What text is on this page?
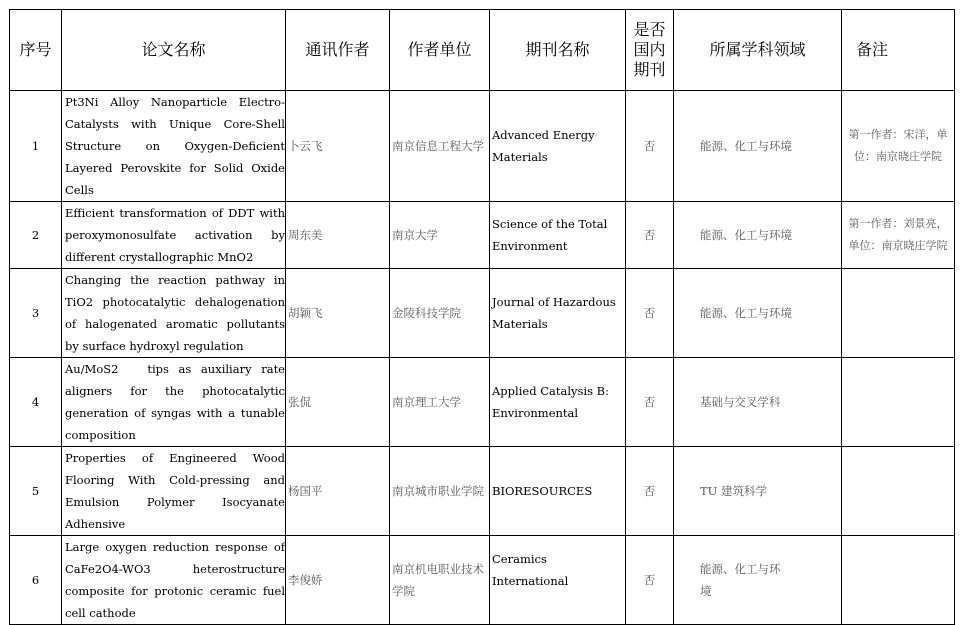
序号	论文名称	通讯作者	作者单位	期刊名称	是否国内期刊	所属学科领域	备注
1	Pt3Ni Alloy Nanoparticle Electro-Catalysts with Unique Core-Shell Structure on Oxygen-Deficient Layered Perovskite for Solid Oxide Cells	卜云飞	南京信息工程大学	Advanced Energy Materials	否	能源、化工与环境	第一作者：宋洋，单位：南京晓庄学院
2	Efficient transformation of DDT with peroxymonosulfate activation by different crystallographic MnO2	周东美	南京大学	Science of the Total Environment	否	能源、化工与环境	第一作者：刘景亮，单位：南京晓庄学院
3	Changing the reaction pathway in TiO2 photocatalytic dehalogenation of halogenated aromatic pollutants by surface hydroxyl regulation	胡颖飞	金陵科技学院	Journal of Hazardous Materials	否	能源、化工与环境	
4	Au/MoS2   tips as auxiliary rate aligners for the photocatalytic generation of syngas with a tunable composition	张侃	南京理工大学	Applied Catalysis B: Environmental	否	基础与交叉学科	
5	Properties of Engineered Wood Flooring With Cold-pressing and Emulsion Polymer Isocyanate Adhensive	杨国平	南京城市职业学院	BIORESOURCES	否	TU 建筑科学	
6	Large oxygen reduction response of CaFe2O4-WO3 heterostructure composite for protonic ceramic fuel cell cathode	李俊娇	南京机电职业技术学院	Ceramics International	否	能源、化工与环境	
